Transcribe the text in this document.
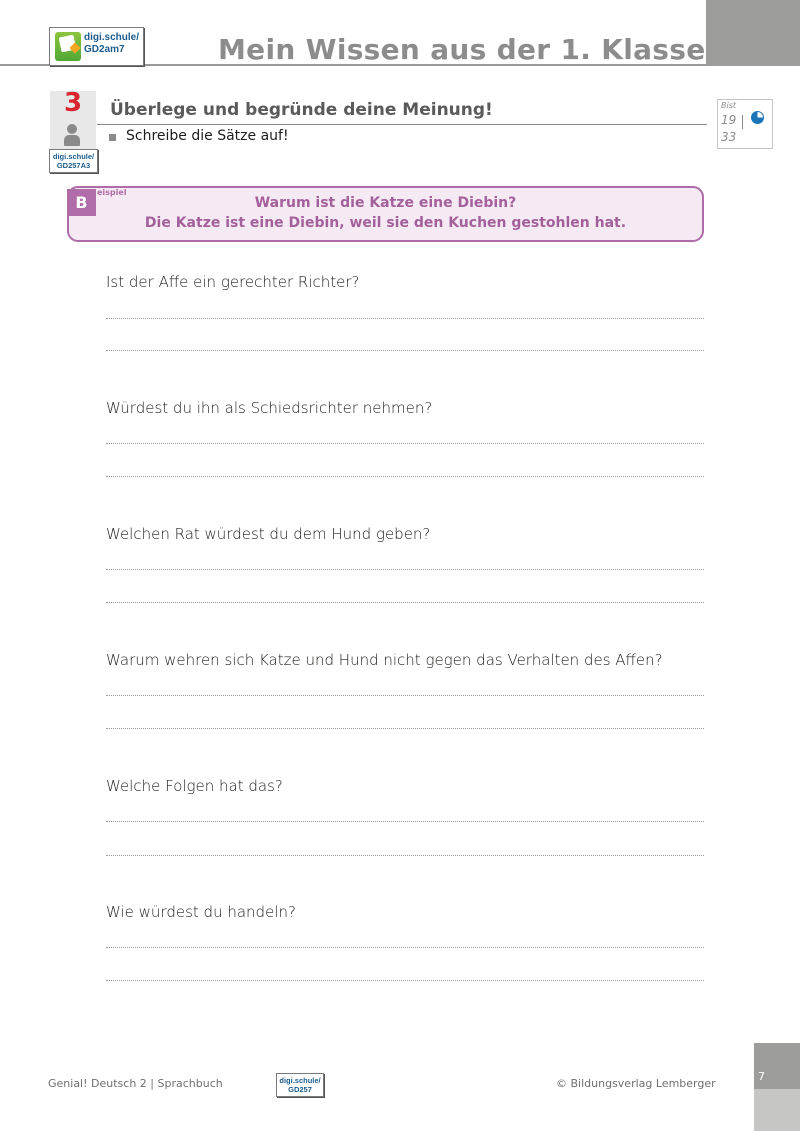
Mein Wissen aus der 1. Klasse
digi.schule/
GD2am7
3
digi.schule/
GD257A3
Überlege und begründe deine Meinung!
Schreibe die Sätze auf!
Bist
19
33
B
eispiel
Warum ist die Katze eine Diebin?
Die Katze ist eine Diebin, weil sie den Kuchen gestohlen hat.
Ist der Affe ein gerechter Richter?
Würdest du ihn als Schiedsrichter nehmen?
Welchen Rat würdest du dem Hund geben?
Warum wehren sich Katze und Hund nicht gegen das Verhalten des Affen?
Welche Folgen hat das?
Wie würdest du handeln?
Genial! Deutsch 2 | Sprachbuch	digi.schule/
GD257	© Bildungsverlag Lemberger
7
